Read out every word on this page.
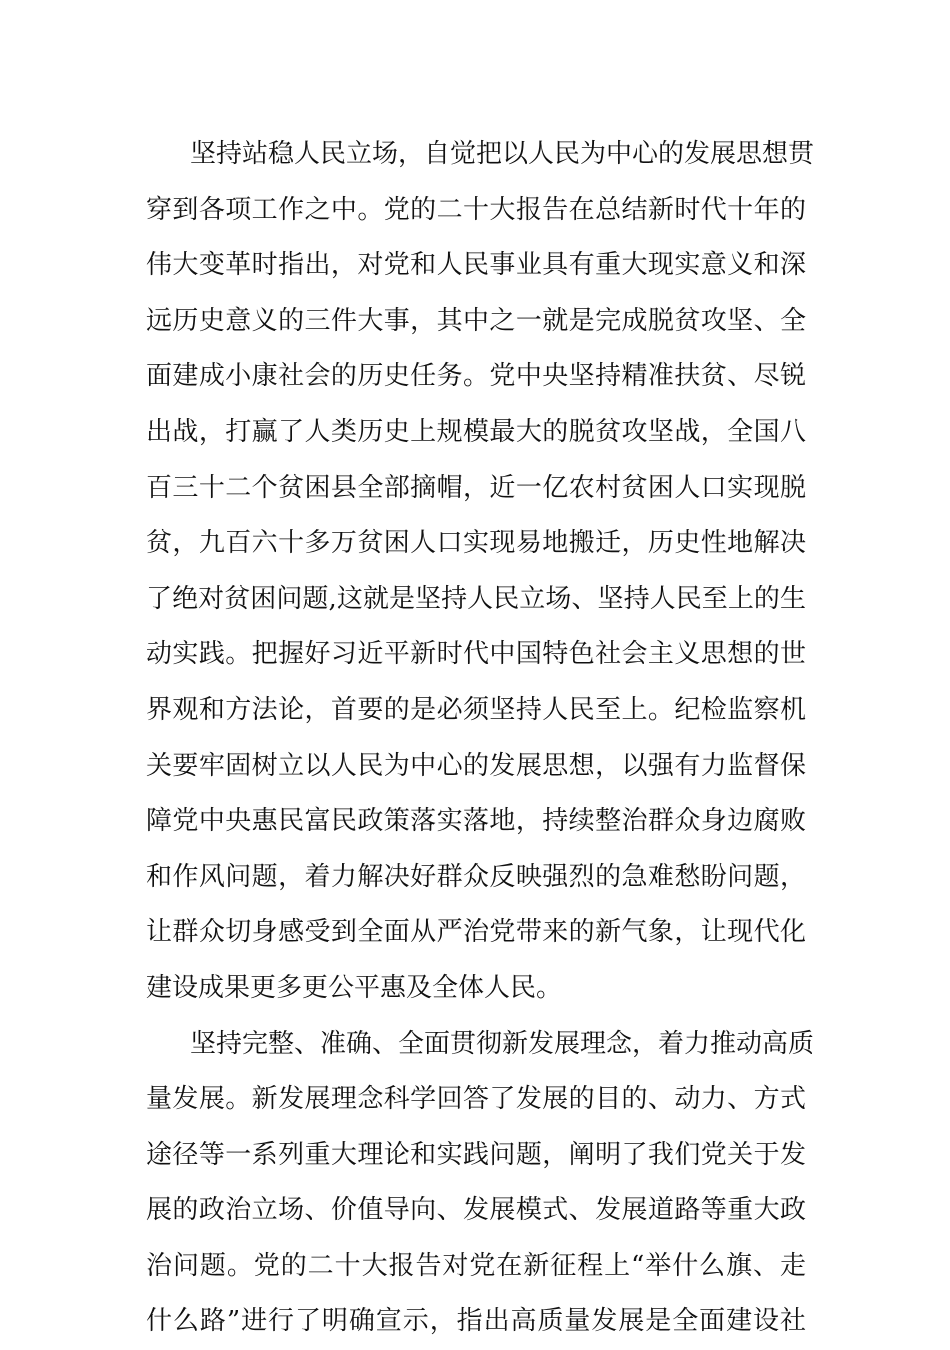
坚持站稳人民立场，自觉把以人民为中心的发展思想贯
穿到各项工作之中。党的二十大报告在总结新时代十年的
伟大变革时指出，对党和人民事业具有重大现实意义和深
远历史意义的三件大事，其中之一就是完成脱贫攻坚、全
面建成小康社会的历史任务。党中央坚持精准扶贫、尽锐
出战，打赢了人类历史上规模最大的脱贫攻坚战，全国八
百三十二个贫困县全部摘帽，近一亿农村贫困人口实现脱
贫，九百六十多万贫困人口实现易地搬迁，历史性地解决
了绝对贫困问题,这就是坚持人民立场、坚持人民至上的生
动实践。把握好习近平新时代中国特色社会主义思想的世
界观和方法论，首要的是必须坚持人民至上。纪检监察机
关要牢固树立以人民为中心的发展思想，以强有力监督保
障党中央惠民富民政策落实落地，持续整治群众身边腐败
和作风问题，着力解决好群众反映强烈的急难愁盼问题，
让群众切身感受到全面从严治党带来的新气象，让现代化
建设成果更多更公平惠及全体人民。
坚持完整、准确、全面贯彻新发展理念，着力推动高质
量发展。新发展理念科学回答了发展的目的、动力、方式
途径等一系列重大理论和实践问题，阐明了我们党关于发
展的政治立场、价值导向、发展模式、发展道路等重大政
治问题。党的二十大报告对党在新征程上“举什么旗、走
什么路”进行了明确宣示，指出高质量发展是全面建设社
